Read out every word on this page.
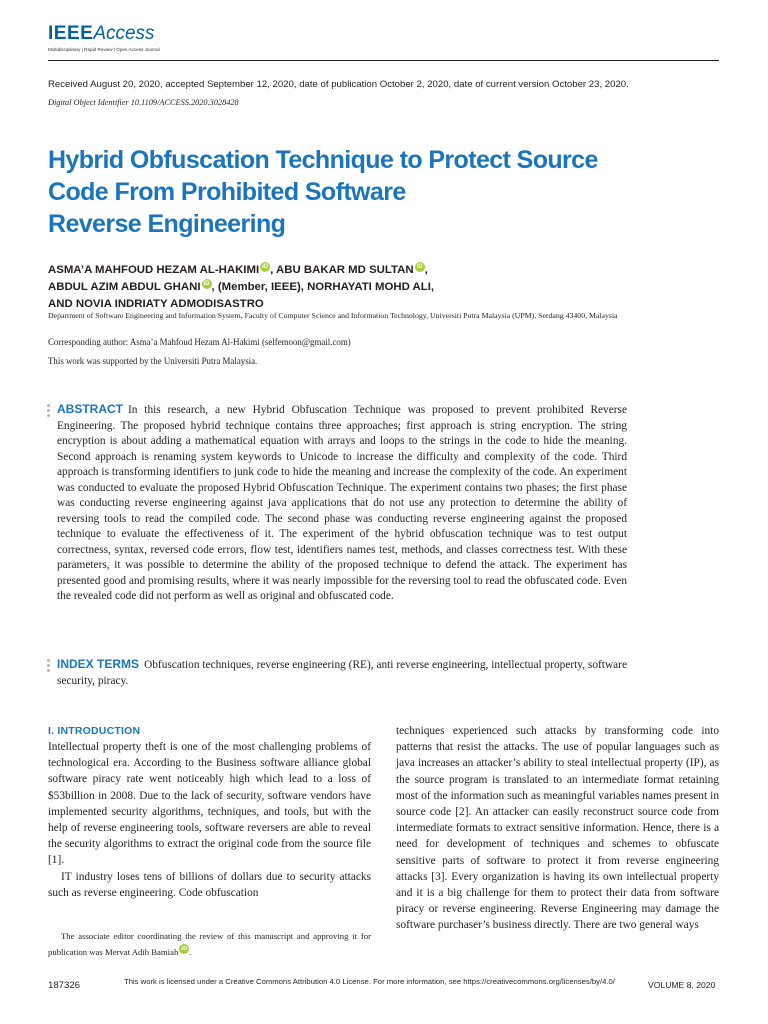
IEEEAccess
Multidisciplinary | Rapid Review | Open Access Journal
Received August 20, 2020, accepted September 12, 2020, date of publication October 2, 2020, date of current version October 23, 2020.
Digital Object Identifier 10.1109/ACCESS.2020.3028428
Hybrid Obfuscation Technique to Protect Source
Code From Prohibited Software
Reverse Engineering
ASMA’A MAHFOUD HEZAM AL-HAKIMI iD , ABU BAKAR MD SULTAN iD ,
ABDUL AZIM ABDUL GHANI iD , (Member, IEEE), NORHAYATI MOHD ALI,
AND NOVIA INDRIATY ADMODISASTRO
Department of Software Engineering and Information System, Faculty of Computer Science and Information Technology, Universiti Putra Malaysia (UPM), Serdang 43400, Malaysia
Corresponding author: Asma’a Mahfoud Hezam Al-Hakimi (selfemoon@gmail.com)
This work was supported by the Universiti Putra Malaysia.
ABSTRACT In this research, a new Hybrid Obfuscation Technique was proposed to prevent prohibited Reverse Engineering. The proposed hybrid technique contains three approaches; first approach is string encryption. The string encryption is about adding a mathematical equation with arrays and loops to the strings in the code to hide the meaning. Second approach is renaming system keywords to Unicode to increase the difficulty and complexity of the code. Third approach is transforming identifiers to junk code to hide the meaning and increase the complexity of the code. An experiment was conducted to evaluate the proposed Hybrid Obfuscation Technique. The experiment contains two phases; the first phase was conducting reverse engineering against java applications that do not use any protection to determine the ability of reversing tools to read the compiled code. The second phase was conducting reverse engineering against the proposed technique to evaluate the effectiveness of it. The experiment of the hybrid obfuscation technique was to test output correctness, syntax, reversed code errors, flow test, identifiers names test, methods, and classes correctness test. With these parameters, it was possible to determine the ability of the proposed technique to defend the attack. The experiment has presented good and promising results, where it was nearly impossible for the reversing tool to read the obfuscated code. Even the revealed code did not perform as well as original and obfuscated code.
INDEX TERMS Obfuscation techniques, reverse engineering (RE), anti reverse engineering, intellectual property, software security, piracy.
I. INTRODUCTION

Intellectual property theft is one of the most challenging problems of technological era. According to the Business software alliance global software piracy rate went noticeably high which lead to a loss of $53billion in 2008. Due to the lack of security, software vendors have implemented security algorithms, techniques, and tools, but with the help of reverse engineering tools, software reversers are able to reveal the security algorithms to extract the original code from the source file [1].

IT industry loses tens of billions of dollars due to security attacks such as reverse engineering. Code obfuscation

The associate editor coordinating the review of this manuscript and approving it for publication was Mervat Adib Bamiah iD .

techniques experienced such attacks by transforming code into patterns that resist the attacks. The use of popular languages such as java increases an attacker’s ability to steal intellectual property (IP), as the source program is translated to an intermediate format retaining most of the information such as meaningful variables names present in source code [2]. An attacker can easily reconstruct source code from intermediate formats to extract sensitive information. Hence, there is a need for development of techniques and schemes to obfuscate sensitive parts of software to protect it from reverse engineering attacks [3]. Every organization is having its own intellectual property and it is a big challenge for them to protect their data from software piracy or reverse engineering. Reverse Engineering may damage the software purchaser’s business directly. There are two general ways

187326	This work is licensed under a Creative Commons Attribution 4.0 License. For more information, see https://creativecommons.org/licenses/by/4.0/	VOLUME 8, 2020
